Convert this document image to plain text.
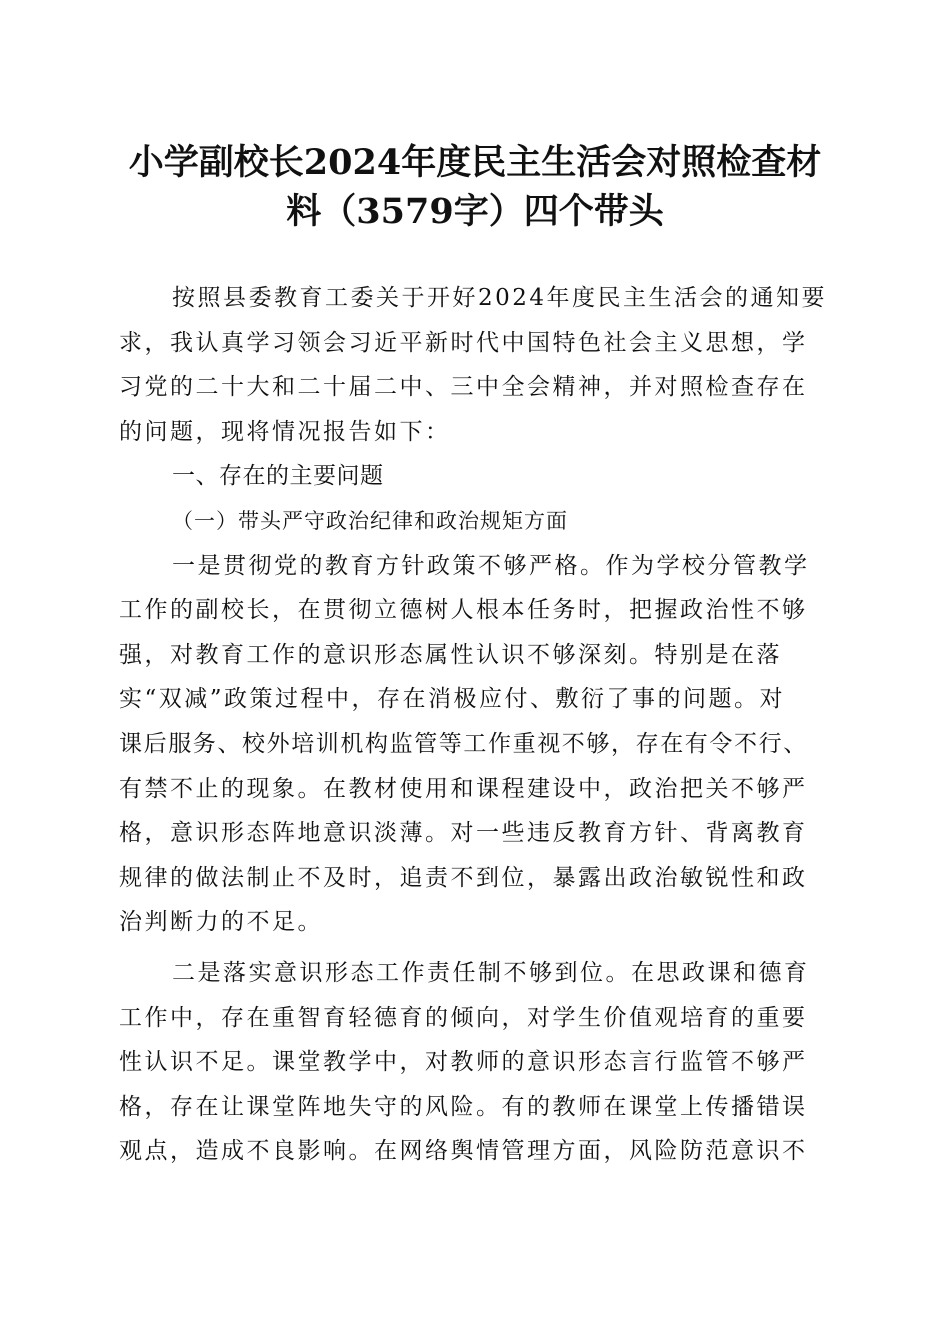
小学副校长2024年度民主生活会对照检查材
料（3579字）四个带头
按照县委教育工委关于开好2024年度民主生活会的通知要
求，我认真学习领会习近平新时代中国特色社会主义思想，学
习党的二十大和二十届二中、三中全会精神，并对照检查存在
的问题，现将情况报告如下：
一、存在的主要问题
（一）带头严守政治纪律和政治规矩方面
一是贯彻党的教育方针政策不够严格。作为学校分管教学
工作的副校长，在贯彻立德树人根本任务时，把握政治性不够
强，对教育工作的意识形态属性认识不够深刻。特别是在落
实“双减”政策过程中，存在消极应付、敷衍了事的问题。对
课后服务、校外培训机构监管等工作重视不够，存在有令不行、
有禁不止的现象。在教材使用和课程建设中，政治把关不够严
格，意识形态阵地意识淡薄。对一些违反教育方针、背离教育
规律的做法制止不及时，追责不到位，暴露出政治敏锐性和政
治判断力的不足。
二是落实意识形态工作责任制不够到位。在思政课和德育
工作中，存在重智育轻德育的倾向，对学生价值观培育的重要
性认识不足。课堂教学中，对教师的意识形态言行监管不够严
格，存在让课堂阵地失守的风险。有的教师在课堂上传播错误
观点，造成不良影响。在网络舆情管理方面，风险防范意识不
